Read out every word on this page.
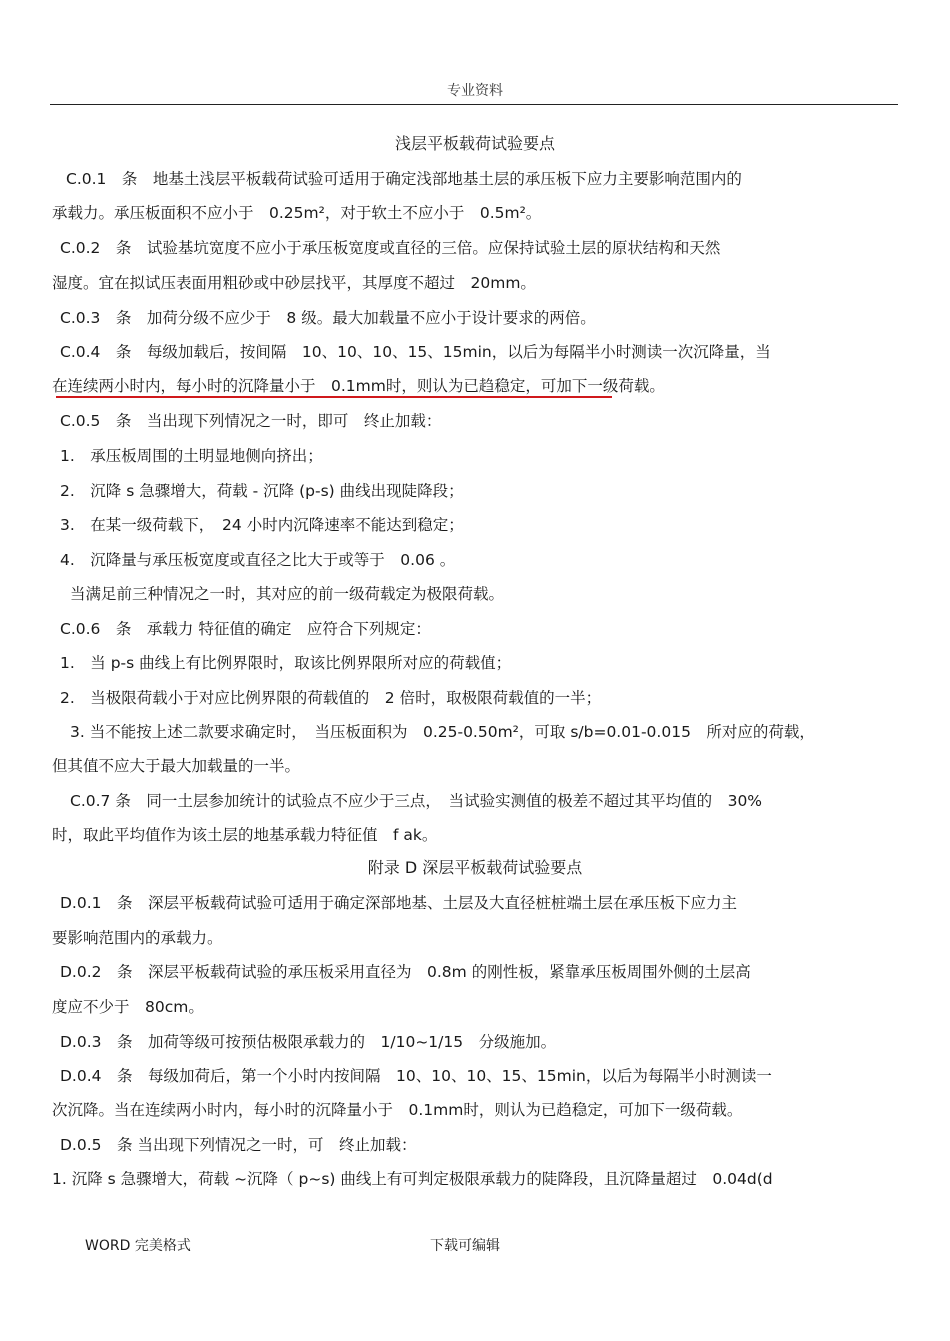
专业资料
浅层平板载荷试验要点
C.0.1　条　地基土浅层平板载荷试验可适用于确定浅部地基土层的承压板下应力主要影响范围内的
承载力。承压板面积不应小于　0.25m²，对于软土不应小于　0.5m²。
C.0.2　条　试验基坑宽度不应小于承压板宽度或直径的三倍。应保持试验土层的原状结构和天然
湿度。宜在拟试压表面用粗砂或中砂层找平，其厚度不超过　20mm。
C.0.3　条　加荷分级不应少于　8 级。最大加载量不应小于设计要求的两倍。
C.0.4　条　每级加载后，按间隔　10、10、10、15、15min，以后为每隔半小时测读一次沉降量，当
在连续两小时内，每小时的沉降量小于　0.1mm时，则认为已趋稳定，可加下一级荷载。
C.0.5　条　当出现下列情况之一时，即可　终止加载：
1.　承压板周围的土明显地侧向挤出；
2.　沉降 s 急骤增大，荷载 - 沉降 (p-s) 曲线出现陡降段；
3.　在某一级荷载下，　24 小时内沉降速率不能达到稳定；
4.　沉降量与承压板宽度或直径之比大于或等于　0.06 。
当满足前三种情况之一时，其对应的前一级荷载定为极限荷载。
C.0.6　条　承载力 特征值的确定　应符合下列规定：
1.　当 p-s 曲线上有比例界限时，取该比例界限所对应的荷载值；
2.　当极限荷载小于对应比例界限的荷载值的　2 倍时，取极限荷载值的一半；
3. 当不能按上述二款要求确定时，　当压板面积为　0.25-0.50m²，可取 s/b=0.01-0.015　所对应的荷载，
但其值不应大于最大加载量的一半。
C.0.7 条　同一土层参加统计的试验点不应少于三点，　当试验实测值的极差不超过其平均值的　30%
时，取此平均值作为该土层的地基承载力特征值　f ak。
附录 D 深层平板载荷试验要点
D.0.1　条　深层平板载荷试验可适用于确定深部地基、土层及大直径桩桩端土层在承压板下应力主
要影响范围内的承载力。
D.0.2　条　深层平板载荷试验的承压板采用直径为　0.8m 的刚性板，紧靠承压板周围外侧的土层高
度应不少于　80cm。
D.0.3　条　加荷等级可按预估极限承载力的　1/10~1/15　分级施加。
D.0.4　条　每级加荷后，第一个小时内按间隔　10、10、10、15、15min，以后为每隔半小时测读一
次沉降。当在连续两小时内，每小时的沉降量小于　0.1mm时，则认为已趋稳定，可加下一级荷载。
D.0.5　条 当出现下列情况之一时，可　终止加载：
1. 沉降 s 急骤增大，荷载 ~沉降（ p~s) 曲线上有可判定极限承载力的陡降段，且沉降量超过　0.04d(d
WORD 完美格式	下载可编辑
